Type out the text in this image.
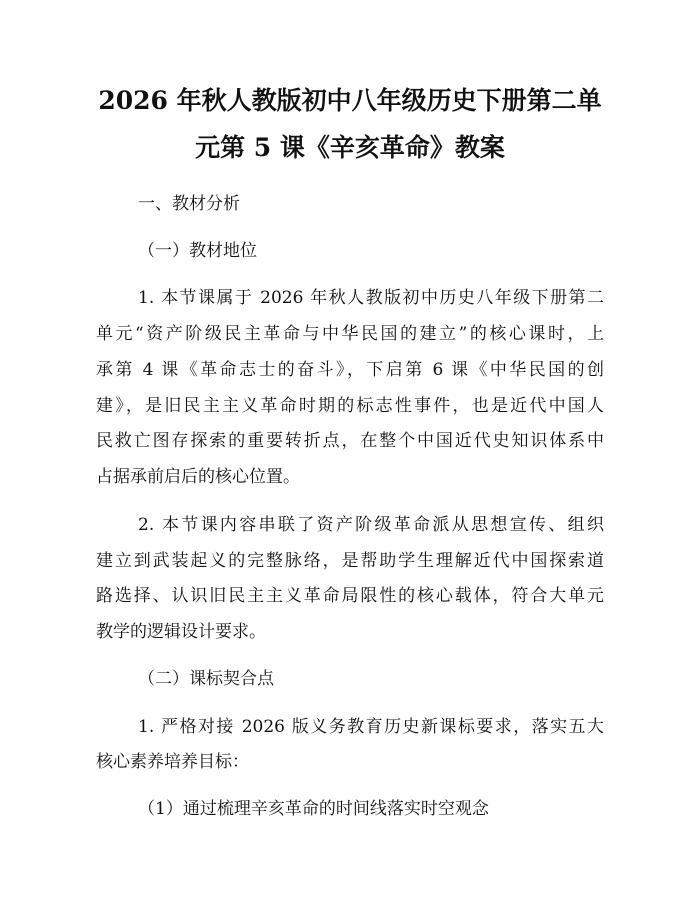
2026 年秋人教版初中八年级历史下册第二单
元第 5 课《辛亥革命》教案
一、教材分析
（一）教材地位
1. 本节课属于 2026 年秋人教版初中历史八年级下册第二
单元“资产阶级民主革命与中华民国的建立”的核心课时，上
承第 4 课《革命志士的奋斗》，下启第 6 课《中华民国的创
建》，是旧民主主义革命时期的标志性事件，也是近代中国人
民救亡图存探索的重要转折点，在整个中国近代史知识体系中
占据承前启后的核心位置。
2. 本节课内容串联了资产阶级革命派从思想宣传、组织
建立到武装起义的完整脉络，是帮助学生理解近代中国探索道
路选择、认识旧民主主义革命局限性的核心载体，符合大单元
教学的逻辑设计要求。
（二）课标契合点
1. 严格对接 2026 版义务教育历史新课标要求，落实五大
核心素养培养目标：
（1）通过梳理辛亥革命的时间线落实时空观念
